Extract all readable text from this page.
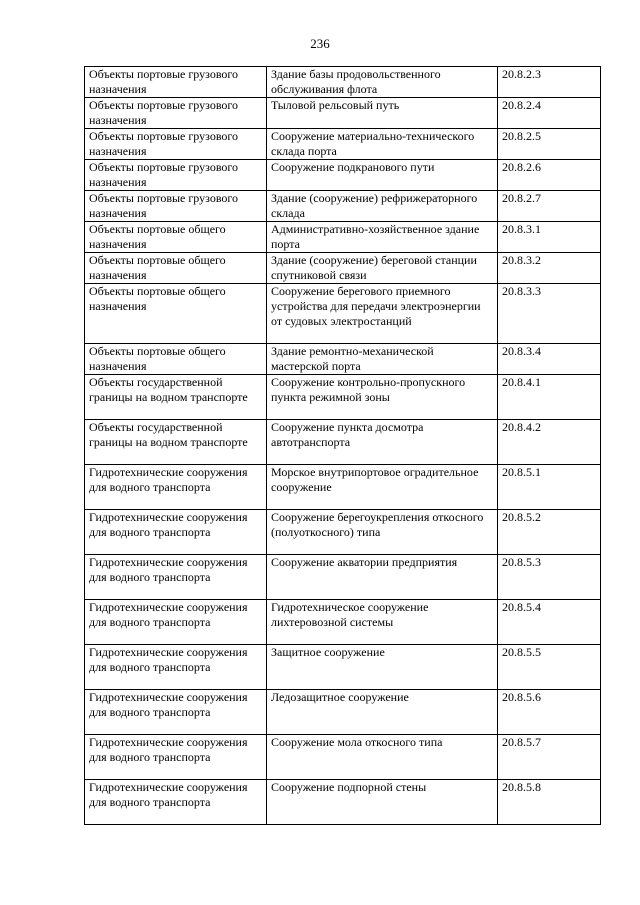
236
Объекты портовые грузового назначения	Здание базы продовольственного обслуживания флота	20.8.2.3
Объекты портовые грузового назначения	Тыловой рельсовый путь	20.8.2.4
Объекты портовые грузового назначения	Сооружение материально-технического склада порта	20.8.2.5
Объекты портовые грузового назначения	Сооружение подкранового пути	20.8.2.6
Объекты портовые грузового назначения	Здание (сооружение) рефрижераторного склада	20.8.2.7
Объекты портовые общего назначения	Административно-хозяйственное здание порта	20.8.3.1
Объекты портовые общего назначения	Здание (сооружение) береговой станции спутниковой связи	20.8.3.2
Объекты портовые общего назначения	Сооружение берегового приемного устройства для передачи электроэнергии от судовых электростанций	20.8.3.3
Объекты портовые общего назначения	Здание ремонтно-механической мастерской порта	20.8.3.4
Объекты государственной границы на водном транспорте	Сооружение контрольно-пропускного пункта режимной зоны	20.8.4.1
Объекты государственной границы на водном транспорте	Сооружение пункта досмотра автотранспорта	20.8.4.2
Гидротехнические сооружения для водного транспорта	Морское внутрипортовое оградительное сооружение	20.8.5.1
Гидротехнические сооружения для водного транспорта	Сооружение берегоукрепления откосного (полуоткосного) типа	20.8.5.2
Гидротехнические сооружения для водного транспорта	Сооружение акватории предприятия	20.8.5.3
Гидротехнические сооружения для водного транспорта	Гидротехническое сооружение лихтеровозной системы	20.8.5.4
Гидротехнические сооружения для водного транспорта	Защитное сооружение	20.8.5.5
Гидротехнические сооружения для водного транспорта	Ледозащитное сооружение	20.8.5.6
Гидротехнические сооружения для водного транспорта	Сооружение мола откосного типа	20.8.5.7
Гидротехнические сооружения для водного транспорта	Сооружение подпорной стены	20.8.5.8
